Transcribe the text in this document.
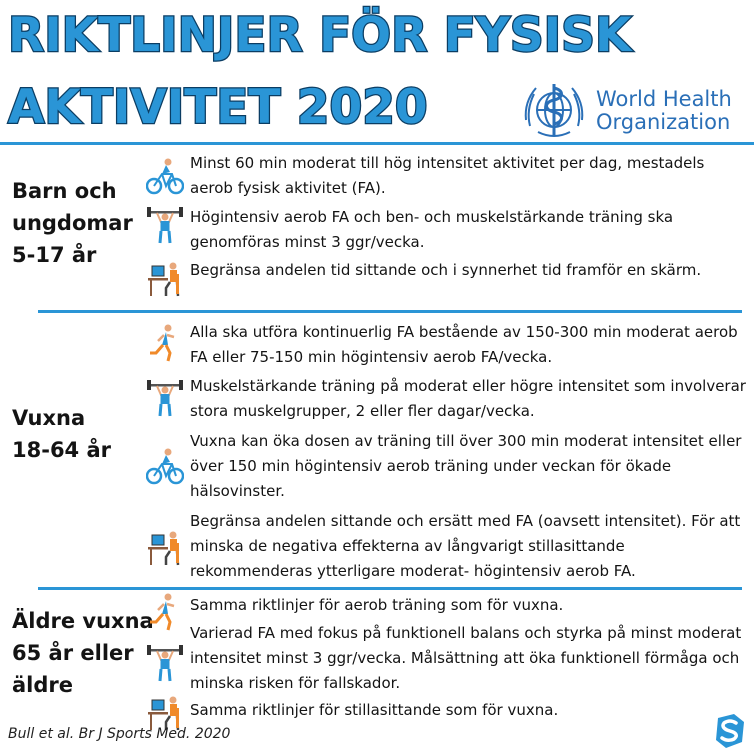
RIKTLINJER FÖR FYSISK
AKTIVITET 2020	World Health
Organization
Barn och
ungdomar
5-17 år
Minst 60 min moderat till hög intensitet aktivitet per dag, mestadels aerob fysisk aktivitet (FA).
Högintensiv aerob FA och ben- och muskelstärkande träning ska genomföras minst 3 ggr/vecka.
Begränsa andelen tid sittande och i synnerhet tid framför en skärm.
Vuxna
18-64 år
Alla ska utföra kontinuerlig FA bestående av 150-300 min moderat aerob FA eller 75-150 min högintensiv aerob FA/vecka.
Muskelstärkande träning på moderat eller högre intensitet som involverar stora muskelgrupper, 2 eller fler dagar/vecka.
Vuxna kan öka dosen av träning till över 300 min moderat intensitet eller över 150 min högintensiv aerob träning under veckan för ökade hälsovinster.
Begränsa andelen sittande och ersätt med FA (oavsett intensitet). För att minska de negativa effekterna av långvarigt stillasittande rekommenderas ytterligare moderat- högintensiv aerob FA.
Äldre vuxna
65 år eller
äldre
Samma riktlinjer för aerob träning som för vuxna.
Varierad FA med fokus på funktionell balans och styrka på minst moderat intensitet minst 3 ggr/vecka. Målsättning att öka funktionell förmåga och minska risken för fallskador.
Samma riktlinjer för stillasittande som för vuxna.
Bull et al. Br J Sports Med. 2020
